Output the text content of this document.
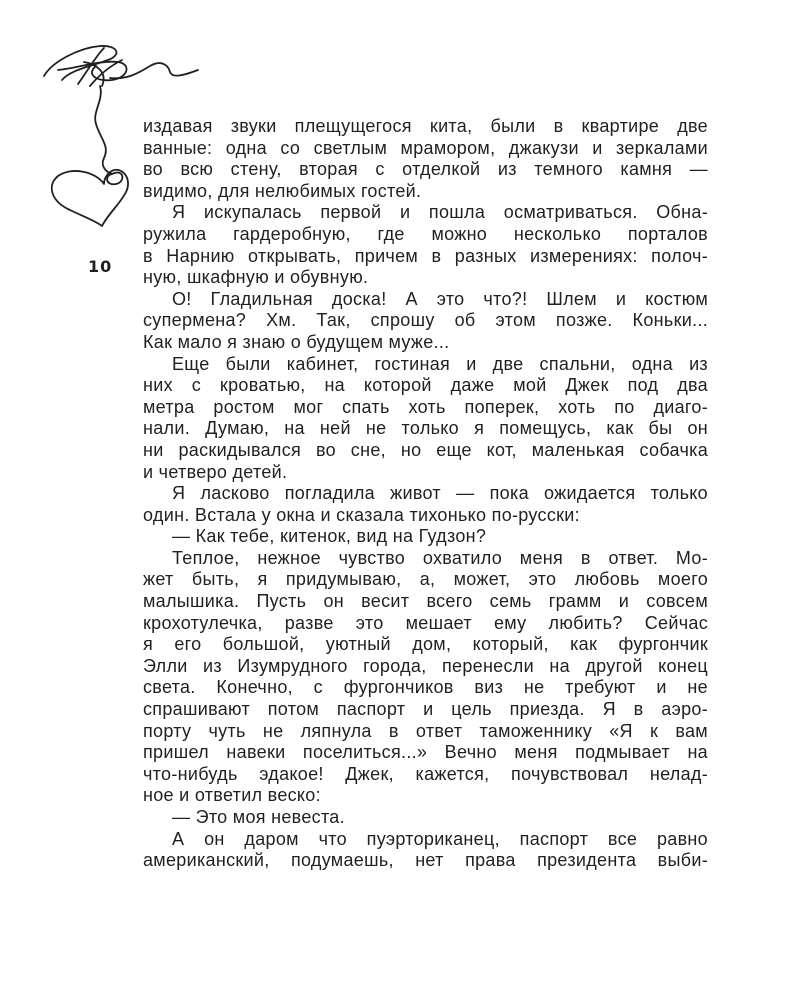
10
издавая звуки плещущегося кита, были в квартире две
ванные: одна со светлым мрамором, джакузи и зеркалами
во всю стену, вторая с отделкой из темного камня —
видимо, для нелюбимых гостей.
Я искупалась первой и пошла осматриваться. Обна-
ружила гардеробную, где можно несколько порталов
в Нарнию открывать, причем в разных измерениях: полоч-
ную, шкафную и обувную.
О! Гладильная доска! А это что?! Шлем и костюм
супермена? Хм. Так, спрошу об этом позже. Коньки...
Как мало я знаю о будущем муже...
Еще были кабинет, гостиная и две спальни, одна из
них с кроватью, на которой даже мой Джек под два
метра ростом мог спать хоть поперек, хоть по диаго-
нали. Думаю, на ней не только я помещусь, как бы он
ни раскидывался во сне, но еще кот, маленькая собачка
и четверо детей.
Я ласково погладила живот — пока ожидается только
один. Встала у окна и сказала тихонько по-русски:
— Как тебе, китенок, вид на Гудзон?
Теплое, нежное чувство охватило меня в ответ. Мо-
жет быть, я придумываю, а, может, это любовь моего
малышика. Пусть он весит всего семь грамм и совсем
крохотулечка, разве это мешает ему любить? Сейчас
я его большой, уютный дом, который, как фургончик
Элли из Изумрудного города, перенесли на другой конец
света. Конечно, с фургончиков виз не требуют и не
спрашивают потом паспорт и цель приезда. Я в аэро-
порту чуть не ляпнула в ответ таможеннику «Я к вам
пришел навеки поселиться...» Вечно меня подмывает на
что-нибудь эдакое! Джек, кажется, почувствовал нелад-
ное и ответил веско:
— Это моя невеста.
А он даром что пуэрториканец, паспорт все равно
американский, подумаешь, нет права президента выби-
